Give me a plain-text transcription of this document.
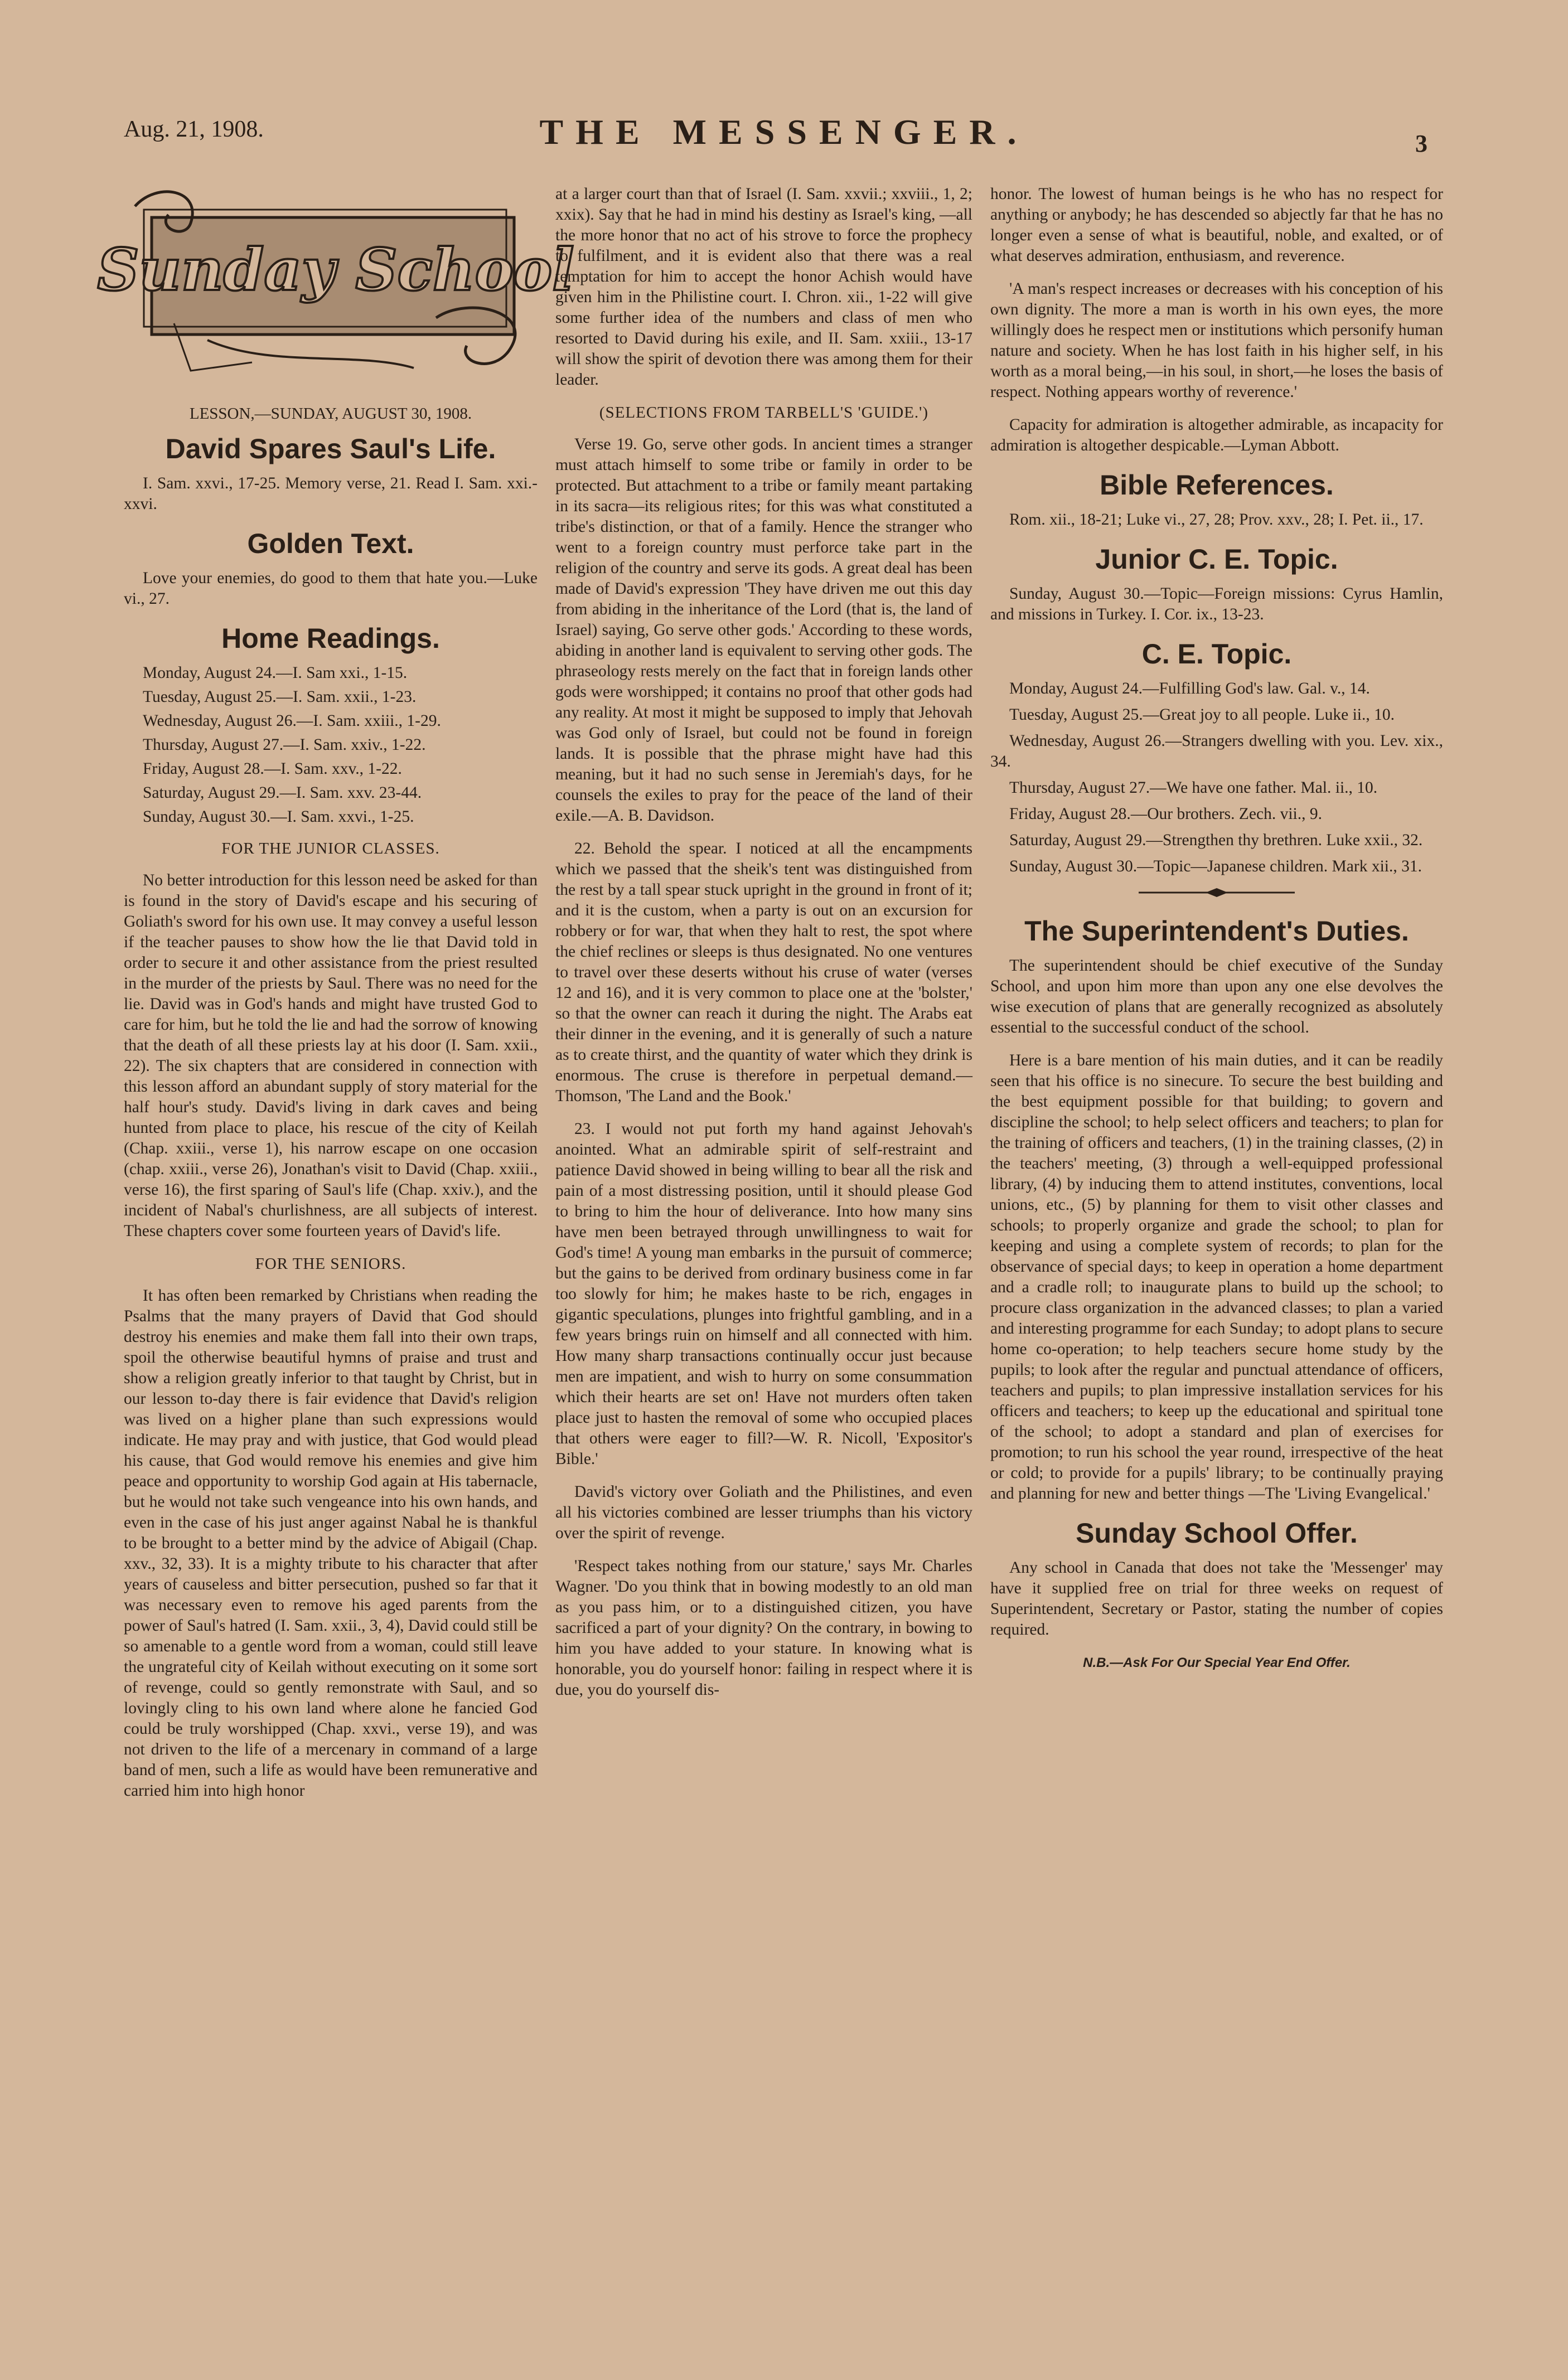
Aug. 21, 1908.	THE MESSENGER.	3
Sunday School
LESSON,—SUNDAY, AUGUST 30, 1908.
David Spares Saul's Life.

I. Sam. xxvi., 17-25. Memory verse, 21. Read I. Sam. xxi.-xxvi.

Golden Text.

Love your enemies, do good to them that hate you.—Luke vi., 27.

Home Readings.

Monday, August 24.—I. Sam xxi., 1-15.

Tuesday, August 25.—I. Sam. xxii., 1-23.

Wednesday, August 26.—I. Sam. xxiii., 1-29.

Thursday, August 27.—I. Sam. xxiv., 1-22.

Friday, August 28.—I. Sam. xxv., 1-22.

Saturday, August 29.—I. Sam. xxv. 23-44.

Sunday, August 30.—I. Sam. xxvi., 1-25.

FOR THE JUNIOR CLASSES.

No better introduction for this lesson need be asked for than is found in the story of David's escape and his securing of Goliath's sword for his own use. It may convey a useful lesson if the teacher pauses to show how the lie that David told in order to secure it and other assistance from the priest resulted in the murder of the priests by Saul. There was no need for the lie. David was in God's hands and might have trusted God to care for him, but he told the lie and had the sorrow of knowing that the death of all these priests lay at his door (I. Sam. xxii., 22). The six chapters that are considered in connection with this lesson afford an abundant supply of story material for the half hour's study. David's living in dark caves and being hunted from place to place, his rescue of the city of Keilah (Chap. xxiii., verse 1), his narrow escape on one occasion (chap. xxiii., verse 26), Jonathan's visit to David (Chap. xxiii., verse 16), the first sparing of Saul's life (Chap. xxiv.), and the incident of Nabal's churlishness, are all subjects of interest. These chapters cover some fourteen years of David's life.

FOR THE SENIORS.

It has often been remarked by Christians when reading the Psalms that the many prayers of David that God should destroy his enemies and make them fall into their own traps, spoil the otherwise beautiful hymns of praise and trust and show a religion greatly inferior to that taught by Christ, but in our lesson to-day there is fair evidence that David's religion was lived on a higher plane than such expressions would indicate. He may pray and with justice, that God would plead his cause, that God would remove his enemies and give him peace and opportunity to worship God again at His tabernacle, but he would not take such vengeance into his own hands, and even in the case of his just anger against Nabal he is thankful to be brought to a better mind by the advice of Abigail (Chap. xxv., 32, 33). It is a mighty tribute to his character that after years of causeless and bitter persecution, pushed so far that it was necessary even to remove his aged parents from the power of Saul's hatred (I. Sam. xxii., 3, 4), David could still be so amenable to a gentle word from a woman, could still leave the ungrateful city of Keilah without executing on it some sort of revenge, could so gently remonstrate with Saul, and so lovingly cling to his own land where alone he fancied God could be truly worshipped (Chap. xxvi., verse 19), and was not driven to the life of a mercenary in command of a large band of men, such a life as would have been remunerative and carried him into high honor

at a larger court than that of Israel (I. Sam. xxvii.; xxviii., 1, 2; xxix). Say that he had in mind his destiny as Israel's king, —all the more honor that no act of his strove to force the prophecy to fulfilment, and it is evident also that there was a real temptation for him to accept the honor Achish would have given him in the Philistine court. I. Chron. xii., 1-22 will give some further idea of the numbers and class of men who resorted to David during his exile, and II. Sam. xxiii., 13-17 will show the spirit of devotion there was among them for their leader.

(SELECTIONS FROM TARBELL'S 'GUIDE.')

Verse 19. Go, serve other gods. In ancient times a stranger must attach himself to some tribe or family in order to be protected. But attachment to a tribe or family meant partaking in its sacra—its religious rites; for this was what constituted a tribe's distinction, or that of a family. Hence the stranger who went to a foreign country must perforce take part in the religion of the country and serve its gods. A great deal has been made of David's expression 'They have driven me out this day from abiding in the inheritance of the Lord (that is, the land of Israel) saying, Go serve other gods.' According to these words, abiding in another land is equivalent to serving other gods. The phraseology rests merely on the fact that in foreign lands other gods were worshipped; it contains no proof that other gods had any reality. At most it might be supposed to imply that Jehovah was God only of Israel, but could not be found in foreign lands. It is possible that the phrase might have had this meaning, but it had no such sense in Jeremiah's days, for he counsels the exiles to pray for the peace of the land of their exile.—A. B. Davidson.

22. Behold the spear. I noticed at all the encampments which we passed that the sheik's tent was distinguished from the rest by a tall spear stuck upright in the ground in front of it; and it is the custom, when a party is out on an excursion for robbery or for war, that when they halt to rest, the spot where the chief reclines or sleeps is thus designated. No one ventures to travel over these deserts without his cruse of water (verses 12 and 16), and it is very common to place one at the 'bolster,' so that the owner can reach it during the night. The Arabs eat their dinner in the evening, and it is generally of such a nature as to create thirst, and the quantity of water which they drink is enormous. The cruse is therefore in perpetual demand.—Thomson, 'The Land and the Book.'

23. I would not put forth my hand against Jehovah's anointed. What an admirable spirit of self-restraint and patience David showed in being willing to bear all the risk and pain of a most distressing position, until it should please God to bring to him the hour of deliverance. Into how many sins have men been betrayed through unwillingness to wait for God's time! A young man embarks in the pursuit of commerce; but the gains to be derived from ordinary business come in far too slowly for him; he makes haste to be rich, engages in gigantic speculations, plunges into frightful gambling, and in a few years brings ruin on himself and all connected with him. How many sharp transactions continually occur just because men are impatient, and wish to hurry on some consummation which their hearts are set on! Have not murders often taken place just to hasten the removal of some who occupied places that others were eager to fill?—W. R. Nicoll, 'Expositor's Bible.'

David's victory over Goliath and the Philistines, and even all his victories combined are lesser triumphs than his victory over the spirit of revenge.

'Respect takes nothing from our stature,' says Mr. Charles Wagner. 'Do you think that in bowing modestly to an old man as you pass him, or to a distinguished citizen, you have sacrificed a part of your dignity? On the contrary, in bowing to him you have added to your stature. In knowing what is honorable, you do yourself honor: failing in respect where it is due, you do yourself dis-

honor. The lowest of human beings is he who has no respect for anything or anybody; he has descended so abjectly far that he has no longer even a sense of what is beautiful, noble, and exalted, or of what deserves admiration, enthusiasm, and reverence.

'A man's respect increases or decreases with his conception of his own dignity. The more a man is worth in his own eyes, the more willingly does he respect men or institutions which personify human nature and society. When he has lost faith in his higher self, in his worth as a moral being,—in his soul, in short,—he loses the basis of respect. Nothing appears worthy of reverence.'

Capacity for admiration is altogether admirable, as incapacity for admiration is altogether despicable.—Lyman Abbott.

Bible References.

Rom. xii., 18-21; Luke vi., 27, 28; Prov. xxv., 28; I. Pet. ii., 17.

Junior C. E. Topic.

Sunday, August 30.—Topic—Foreign missions: Cyrus Hamlin, and missions in Turkey. I. Cor. ix., 13-23.

C. E. Topic.

Monday, August 24.—Fulfilling God's law. Gal. v., 14.

Tuesday, August 25.—Great joy to all people. Luke ii., 10.

Wednesday, August 26.—Strangers dwelling with you. Lev. xix., 34.

Thursday, August 27.—We have one father. Mal. ii., 10.

Friday, August 28.—Our brothers. Zech. vii., 9.

Saturday, August 29.—Strengthen thy brethren. Luke xxii., 32.

Sunday, August 30.—Topic—Japanese children. Mark xii., 31.

The Superintendent's Duties.

The superintendent should be chief executive of the Sunday School, and upon him more than upon any one else devolves the wise execution of plans that are generally recognized as absolutely essential to the successful conduct of the school.

Here is a bare mention of his main duties, and it can be readily seen that his office is no sinecure. To secure the best building and the best equipment possible for that building; to govern and discipline the school; to help select officers and teachers; to plan for the training of officers and teachers, (1) in the training classes, (2) in the teachers' meeting, (3) through a well-equipped professional library, (4) by inducing them to attend institutes, conventions, local unions, etc., (5) by planning for them to visit other classes and schools; to properly organize and grade the school; to plan for keeping and using a complete system of records; to plan for the observance of special days; to keep in operation a home department and a cradle roll; to inaugurate plans to build up the school; to procure class organization in the advanced classes; to plan a varied and interesting programme for each Sunday; to adopt plans to secure home co-operation; to help teachers secure home study by the pupils; to look after the regular and punctual attendance of officers, teachers and pupils; to plan impressive installation services for his officers and teachers; to keep up the educational and spiritual tone of the school; to adopt a standard and plan of exercises for promotion; to run his school the year round, irrespective of the heat or cold; to provide for a pupils' library; to be continually praying and planning for new and better things —The 'Living Evangelical.'

Sunday School Offer.

Any school in Canada that does not take the 'Messenger' may have it supplied free on trial for three weeks on request of Superintendent, Secretary or Pastor, stating the number of copies required.

N.B.—Ask For Our Special Year End Offer.
